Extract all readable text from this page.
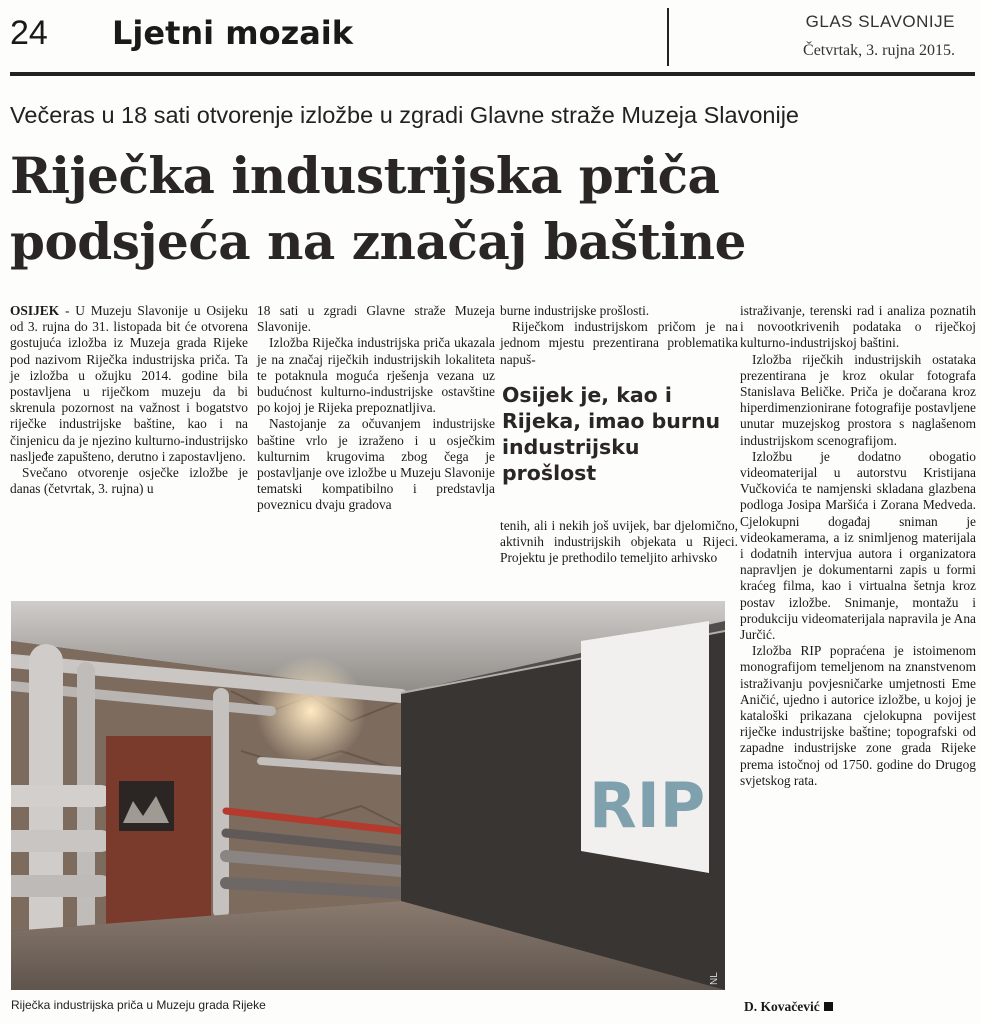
24 Ljetni mozaik	GLAS SLAVONIJE
Četvrtak, 3. rujna 2015.
Večeras u 18 sati otvorenje izložbe u zgradi Glavne straže Muzeja Slavonije
Riječka industrijska priča
podsjeća na značaj baštine

OSIJEK - U Muzeju Slavonije u Osijeku od 3. rujna do 31. listopada bit će otvorena gostujuća izložba iz Muzeja grada Rijeke pod nazivom Riječka industrijska priča. Ta je izložba u ožujku 2014. godine bila postavljena u riječkom muzeju da bi skrenula pozornost na važnost i bogatstvo riječke industrijske baštine, kao i na činjenicu da je njezino kulturno-industrijsko nasljeđe zapušteno, derutno i zapostavljeno.

Svečano otvorenje osječke izložbe je danas (četvrtak, 3. rujna) u

18 sati u zgradi Glavne straže Muzeja Slavonije.

Izložba Riječka industrijska priča ukazala je na značaj riječkih industrijskih lokaliteta te potaknula moguća rješenja vezana uz budućnost kulturno-industrijske ostavštine po kojoj je Rijeka prepoznatljiva.

Nastojanje za očuvanjem industrijske baštine vrlo je izraženo i u osječkim kulturnim krugovima zbog čega je postavljanje ove izložbe u Muzeju Slavonije tematski kompatibilno i predstavlja poveznicu dvaju gradova

burne industrijske prošlosti.

Riječkom industrijskom pričom je na jednom mjestu prezentirana problematika napuš-

Osijek je, kao i Rijeka, imao burnu industrijsku prošlost

tenih, ali i nekih još uvijek, bar djelomično, aktivnih industrijskih objekata u Rijeci. Projektu je prethodilo temeljito arhivsko

istraživanje, terenski rad i analiza poznatih i novootkrivenih podataka o riječkoj kulturno-industrijskoj baštini.

Izložba riječkih industrijskih ostataka prezentirana je kroz okular fotografa Stanislava Beličke. Priča je dočarana kroz hiperdimenzionirane fotografije postavljene unutar muzejskog prostora s naglašenom industrijskom scenografijom.

Izložbu je dodatno obogatio videomaterijal u autorstvu Kristijana Vučkovića te namjenski skladana glazbena podloga Josipa Maršića i Zorana Medveda. Cjelokupni događaj sniman je videokamerama, a iz snimljenog materijala i dodatnih intervjua autora i organizatora napravljen je dokumentarni zapis u formi kraćeg filma, kao i virtualna šetnja kroz postav izložbe. Snimanje, montažu i produkciju videomaterijala napravila je Ana Jurčić.

Izložba RIP popraćena je istoimenom monografijom temeljenom na znanstvenom istraživanju povjesničarke umjetnosti Eme Aničić, ujedno i autorice izložbe, u kojoj je kataloški prikazana cjelokupna povijest riječke industrijske baštine; topografski od zapadne industrijske zone grada Rijeke prema istočnoj od 1750. godine do Drugog svjetskog rata.

RIP
NL
Riječka industrijska priča u Muzeju grada Rijeke	D. Kovačević
